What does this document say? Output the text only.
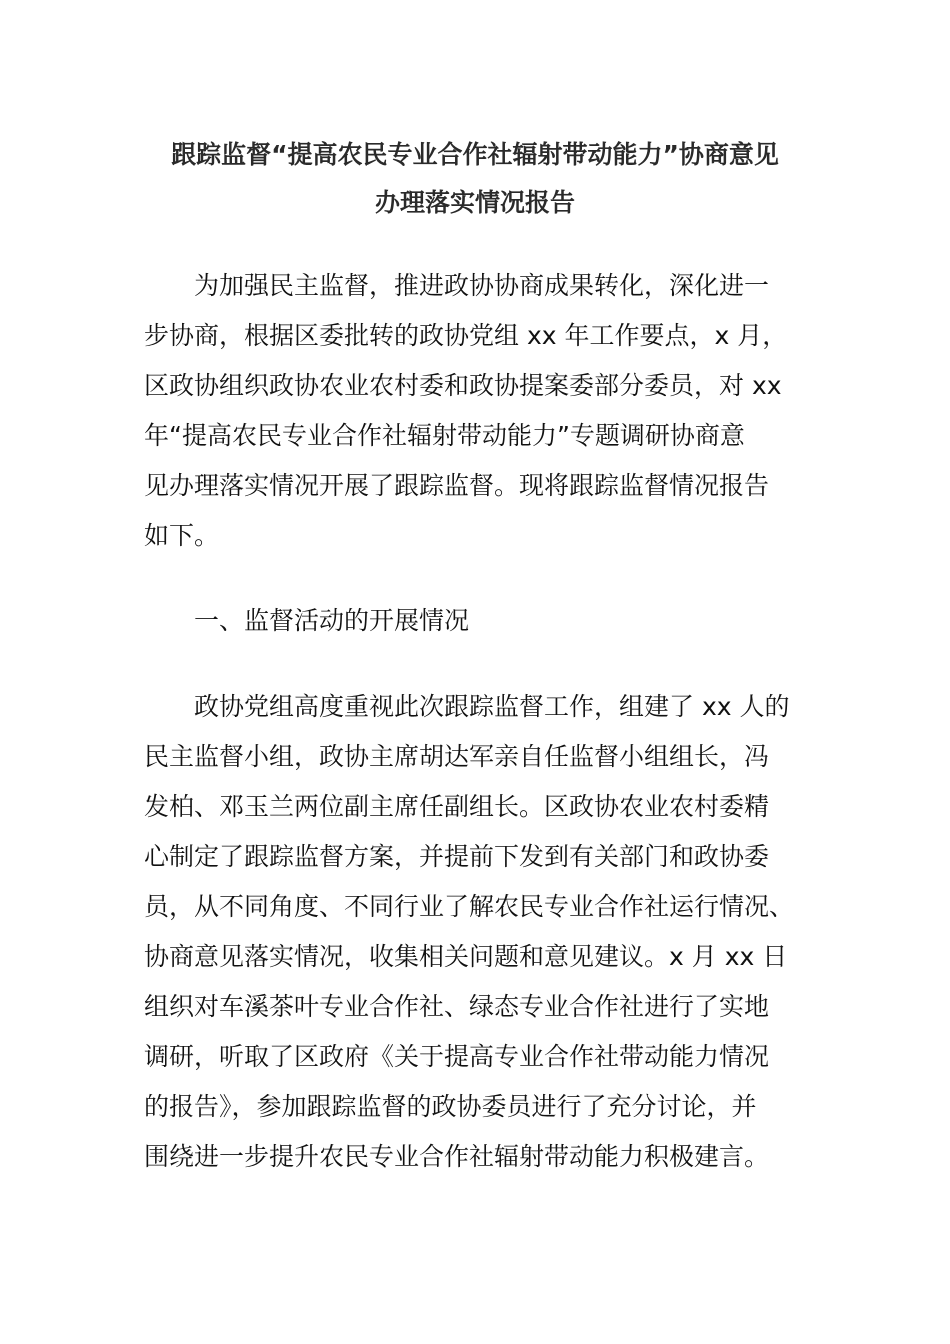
跟踪监督“提高农民专业合作社辐射带动能力”协商意见
办理落实情况报告

为加强民主监督，推进政协协商成果转化，深化进一

步协商，根据区委批转的政协党组 xx 年工作要点，x 月，

区政协组织政协农业农村委和政协提案委部分委员，对 xx

年“提高农民专业合作社辐射带动能力”专题调研协商意

见办理落实情况开展了跟踪监督。现将跟踪监督情况报告

如下。

一、监督活动的开展情况

政协党组高度重视此次跟踪监督工作，组建了 xx 人的

民主监督小组，政协主席胡达军亲自任监督小组组长，冯

发柏、邓玉兰两位副主席任副组长。区政协农业农村委精

心制定了跟踪监督方案，并提前下发到有关部门和政协委

员，从不同角度、不同行业了解农民专业合作社运行情况、

协商意见落实情况，收集相关问题和意见建议。x 月 xx 日

组织对车溪茶叶专业合作社、绿态专业合作社进行了实地

调研，听取了区政府《关于提高专业合作社带动能力情况

的报告》，参加跟踪监督的政协委员进行了充分讨论，并

围绕进一步提升农民专业合作社辐射带动能力积极建言。
